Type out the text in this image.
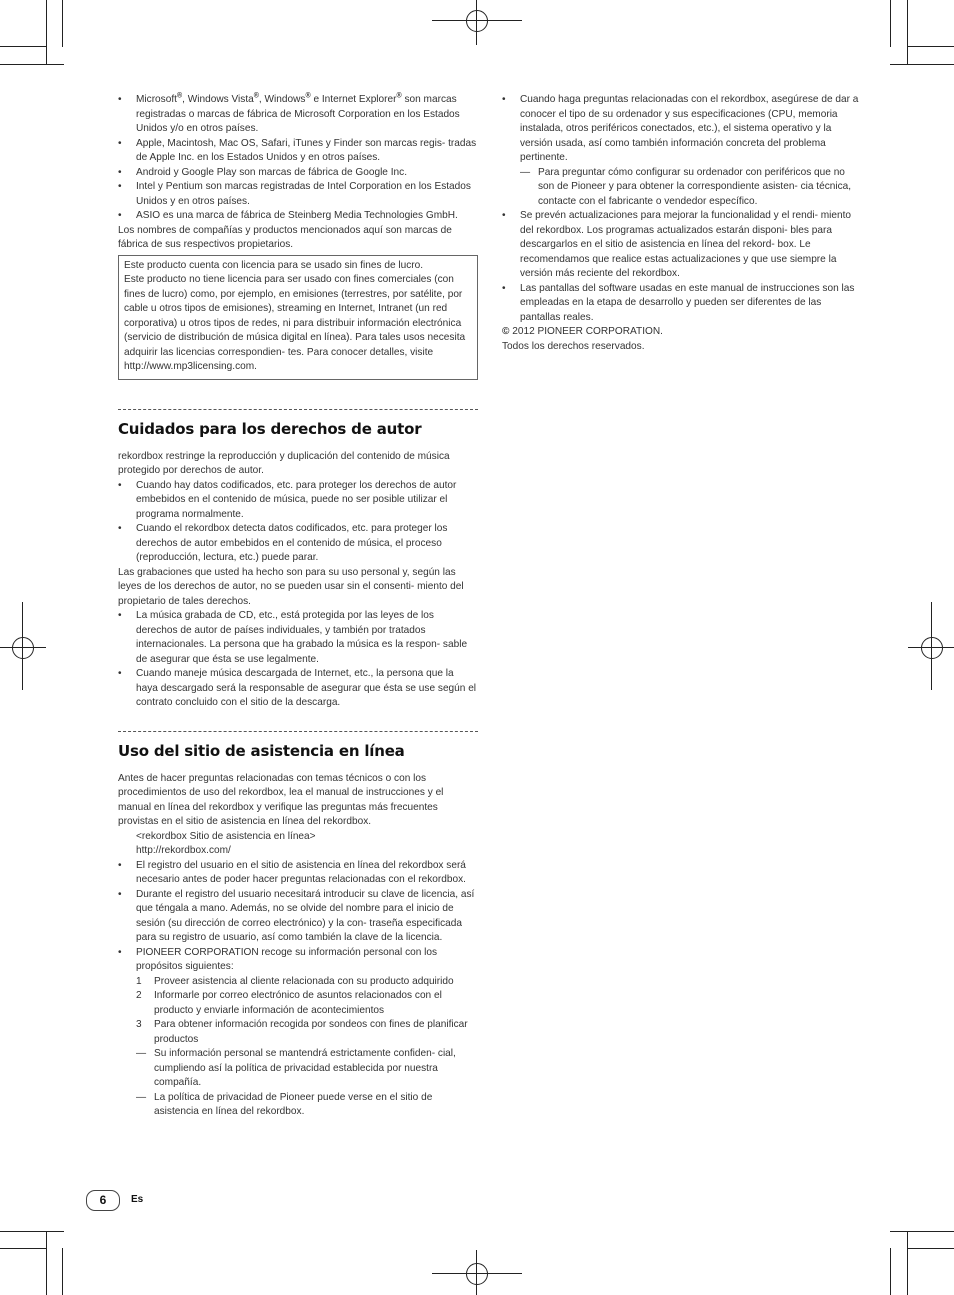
•	Microsoft®, Windows Vista®, Windows® e Internet Explorer® son marcas registradas o marcas de fábrica de Microsoft Corporation en los Estados Unidos y/o en otros países.
•	Apple, Macintosh, Mac OS, Safari, iTunes y Finder son marcas regis- tradas de Apple Inc. en los Estados Unidos y en otros países.
•	Android y Google Play son marcas de fábrica de Google Inc.
•	Intel y Pentium son marcas registradas de Intel Corporation en los Estados Unidos y en otros países.
•	ASIO es una marca de fábrica de Steinberg Media Technologies GmbH.

Los nombres de compañías y productos mencionados aquí son marcas de fábrica de sus respectivos propietarios.

Este producto cuenta con licencia para se usado sin fines de lucro.

Este producto no tiene licencia para ser usado con fines comerciales (con fines de lucro) como, por ejemplo, en emisiones (terrestres, por satélite, por cable u otros tipos de emisiones), streaming en Internet, Intranet (un red corporativa) u otros tipos de redes, ni para distribuir información electrónica (servicio de distribución de música digital en línea). Para tales usos necesita adquirir las licencias correspondien- tes. Para conocer detalles, visite http://www.mp3licensing.com.

Cuidados para los derechos de autor

rekordbox restringe la reproducción y duplicación del contenido de música protegido por derechos de autor.

•	Cuando hay datos codificados, etc. para proteger los derechos de autor embebidos en el contenido de música, puede no ser posible utilizar el programa normalmente.
•	Cuando el rekordbox detecta datos codificados, etc. para proteger los derechos de autor embebidos en el contenido de música, el proceso (reproducción, lectura, etc.) puede parar.

Las grabaciones que usted ha hecho son para su uso personal y, según las leyes de los derechos de autor, no se pueden usar sin el consenti- miento del propietario de tales derechos.

•	La música grabada de CD, etc., está protegida por las leyes de los derechos de autor de países individuales, y también por tratados internacionales. La persona que ha grabado la música es la respon- sable de asegurar que ésta se use legalmente.
•	Cuando maneje música descargada de Internet, etc., la persona que la haya descargado será la responsable de asegurar que ésta se use según el contrato concluido con el sitio de la descarga.
Uso del sitio de asistencia en línea

Antes de hacer preguntas relacionadas con temas técnicos o con los procedimientos de uso del rekordbox, lea el manual de instrucciones y el manual en línea del rekordbox y verifique las preguntas más frecuentes provistas en el sitio de asistencia en línea del rekordbox.

<rekordbox Sitio de asistencia en línea>

http://rekordbox.com/

•	El registro del usuario en el sitio de asistencia en línea del rekordbox será necesario antes de poder hacer preguntas relacionadas con el rekordbox.
•	Durante el registro del usuario necesitará introducir su clave de licencia, así que téngala a mano. Además, no se olvide del nombre para el inicio de sesión (su dirección de correo electrónico) y la con- traseña especificada para su registro de usuario, así como también la clave de la licencia.
•	PIONEER CORPORATION recoge su información personal con los propósitos siguientes:
1	Proveer asistencia al cliente relacionada con su producto adquirido
2	Informarle por correo electrónico de asuntos relacionados con el producto y enviarle información de acontecimientos
3	Para obtener información recogida por sondeos con fines de planificar productos
— Su información personal se mantendrá estrictamente confiden- cial, cumpliendo así la política de privacidad establecida por nuestra compañía.
— La política de privacidad de Pioneer puede verse en el sitio de asistencia en línea del rekordbox.
•	Cuando haga preguntas relacionadas con el rekordbox, asegúrese de dar a conocer el tipo de su ordenador y sus especificaciones (CPU, memoria instalada, otros periféricos conectados, etc.), el sistema operativo y la versión usada, así como también información concreta del problema pertinente.
— Para preguntar cómo configurar su ordenador con periféricos que no son de Pioneer y para obtener la correspondiente asisten- cia técnica, contacte con el fabricante o vendedor específico.
•	Se prevén actualizaciones para mejorar la funcionalidad y el rendi- miento del rekordbox. Los programas actualizados estarán disponi- bles para descargarlos en el sitio de asistencia en línea del rekord- box. Le recomendamos que realice estas actualizaciones y que use siempre la versión más reciente del rekordbox.
•	Las pantallas del software usadas en este manual de instrucciones son las empleadas en la etapa de desarrollo y pueden ser diferentes de las pantallas reales.

© 2012 PIONEER CORPORATION.

Todos los derechos reservados.

6	Es
